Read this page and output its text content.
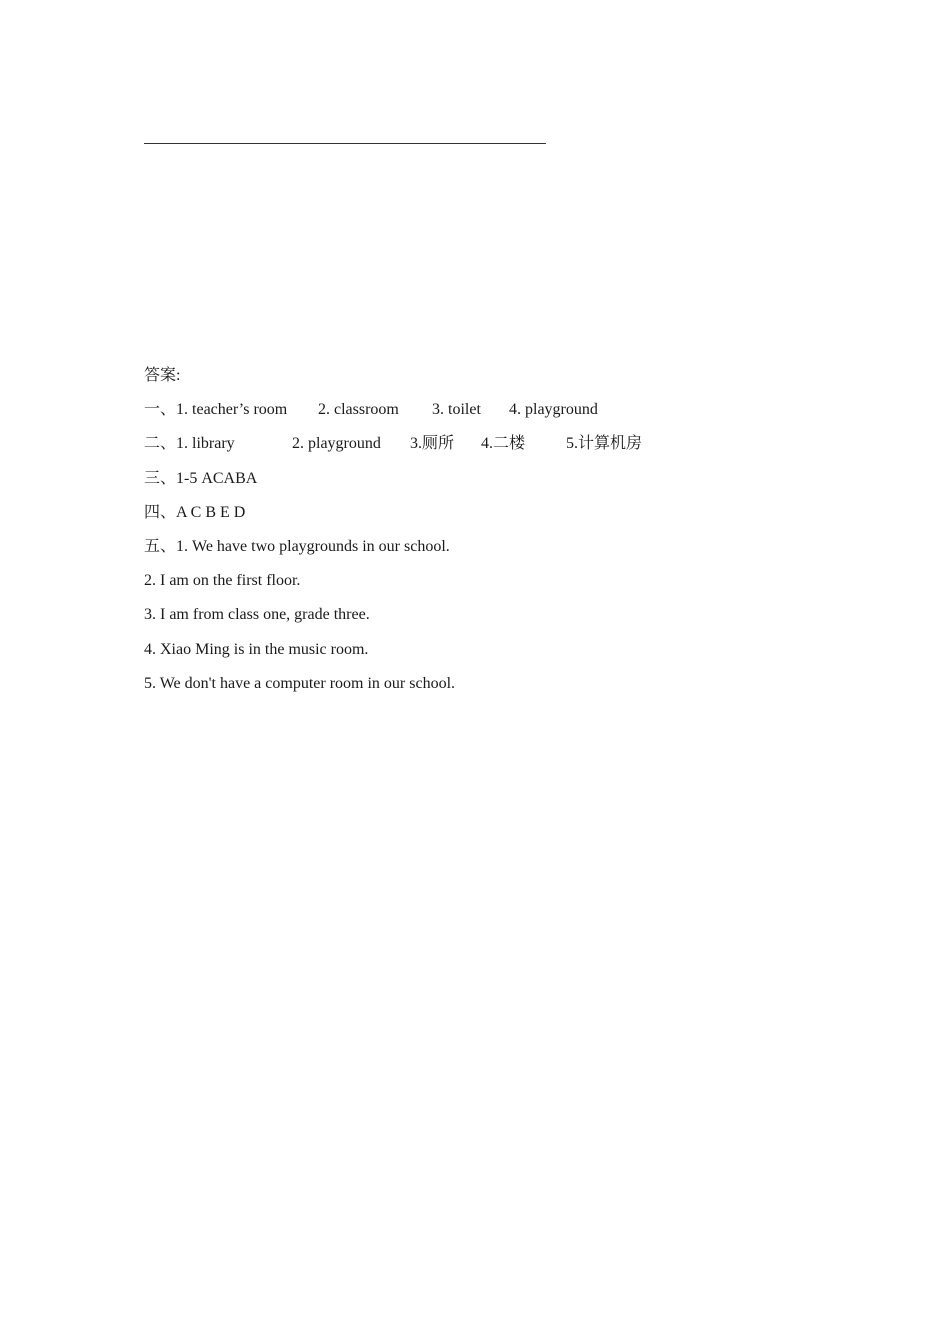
答案:
一、1. teacher’s room 2. classroom 3. toilet 4. playground
二、1. library	2. playground 3.厕所 4.二楼	5.计算机房
三、1-5 ACABA
四、A C B E D
五、1. We have two playgrounds in our school.
2. I am on the first floor.
3. I am from class one, grade three.
4. Xiao Ming is in the music room.
5. We don't have a computer room in our school.
